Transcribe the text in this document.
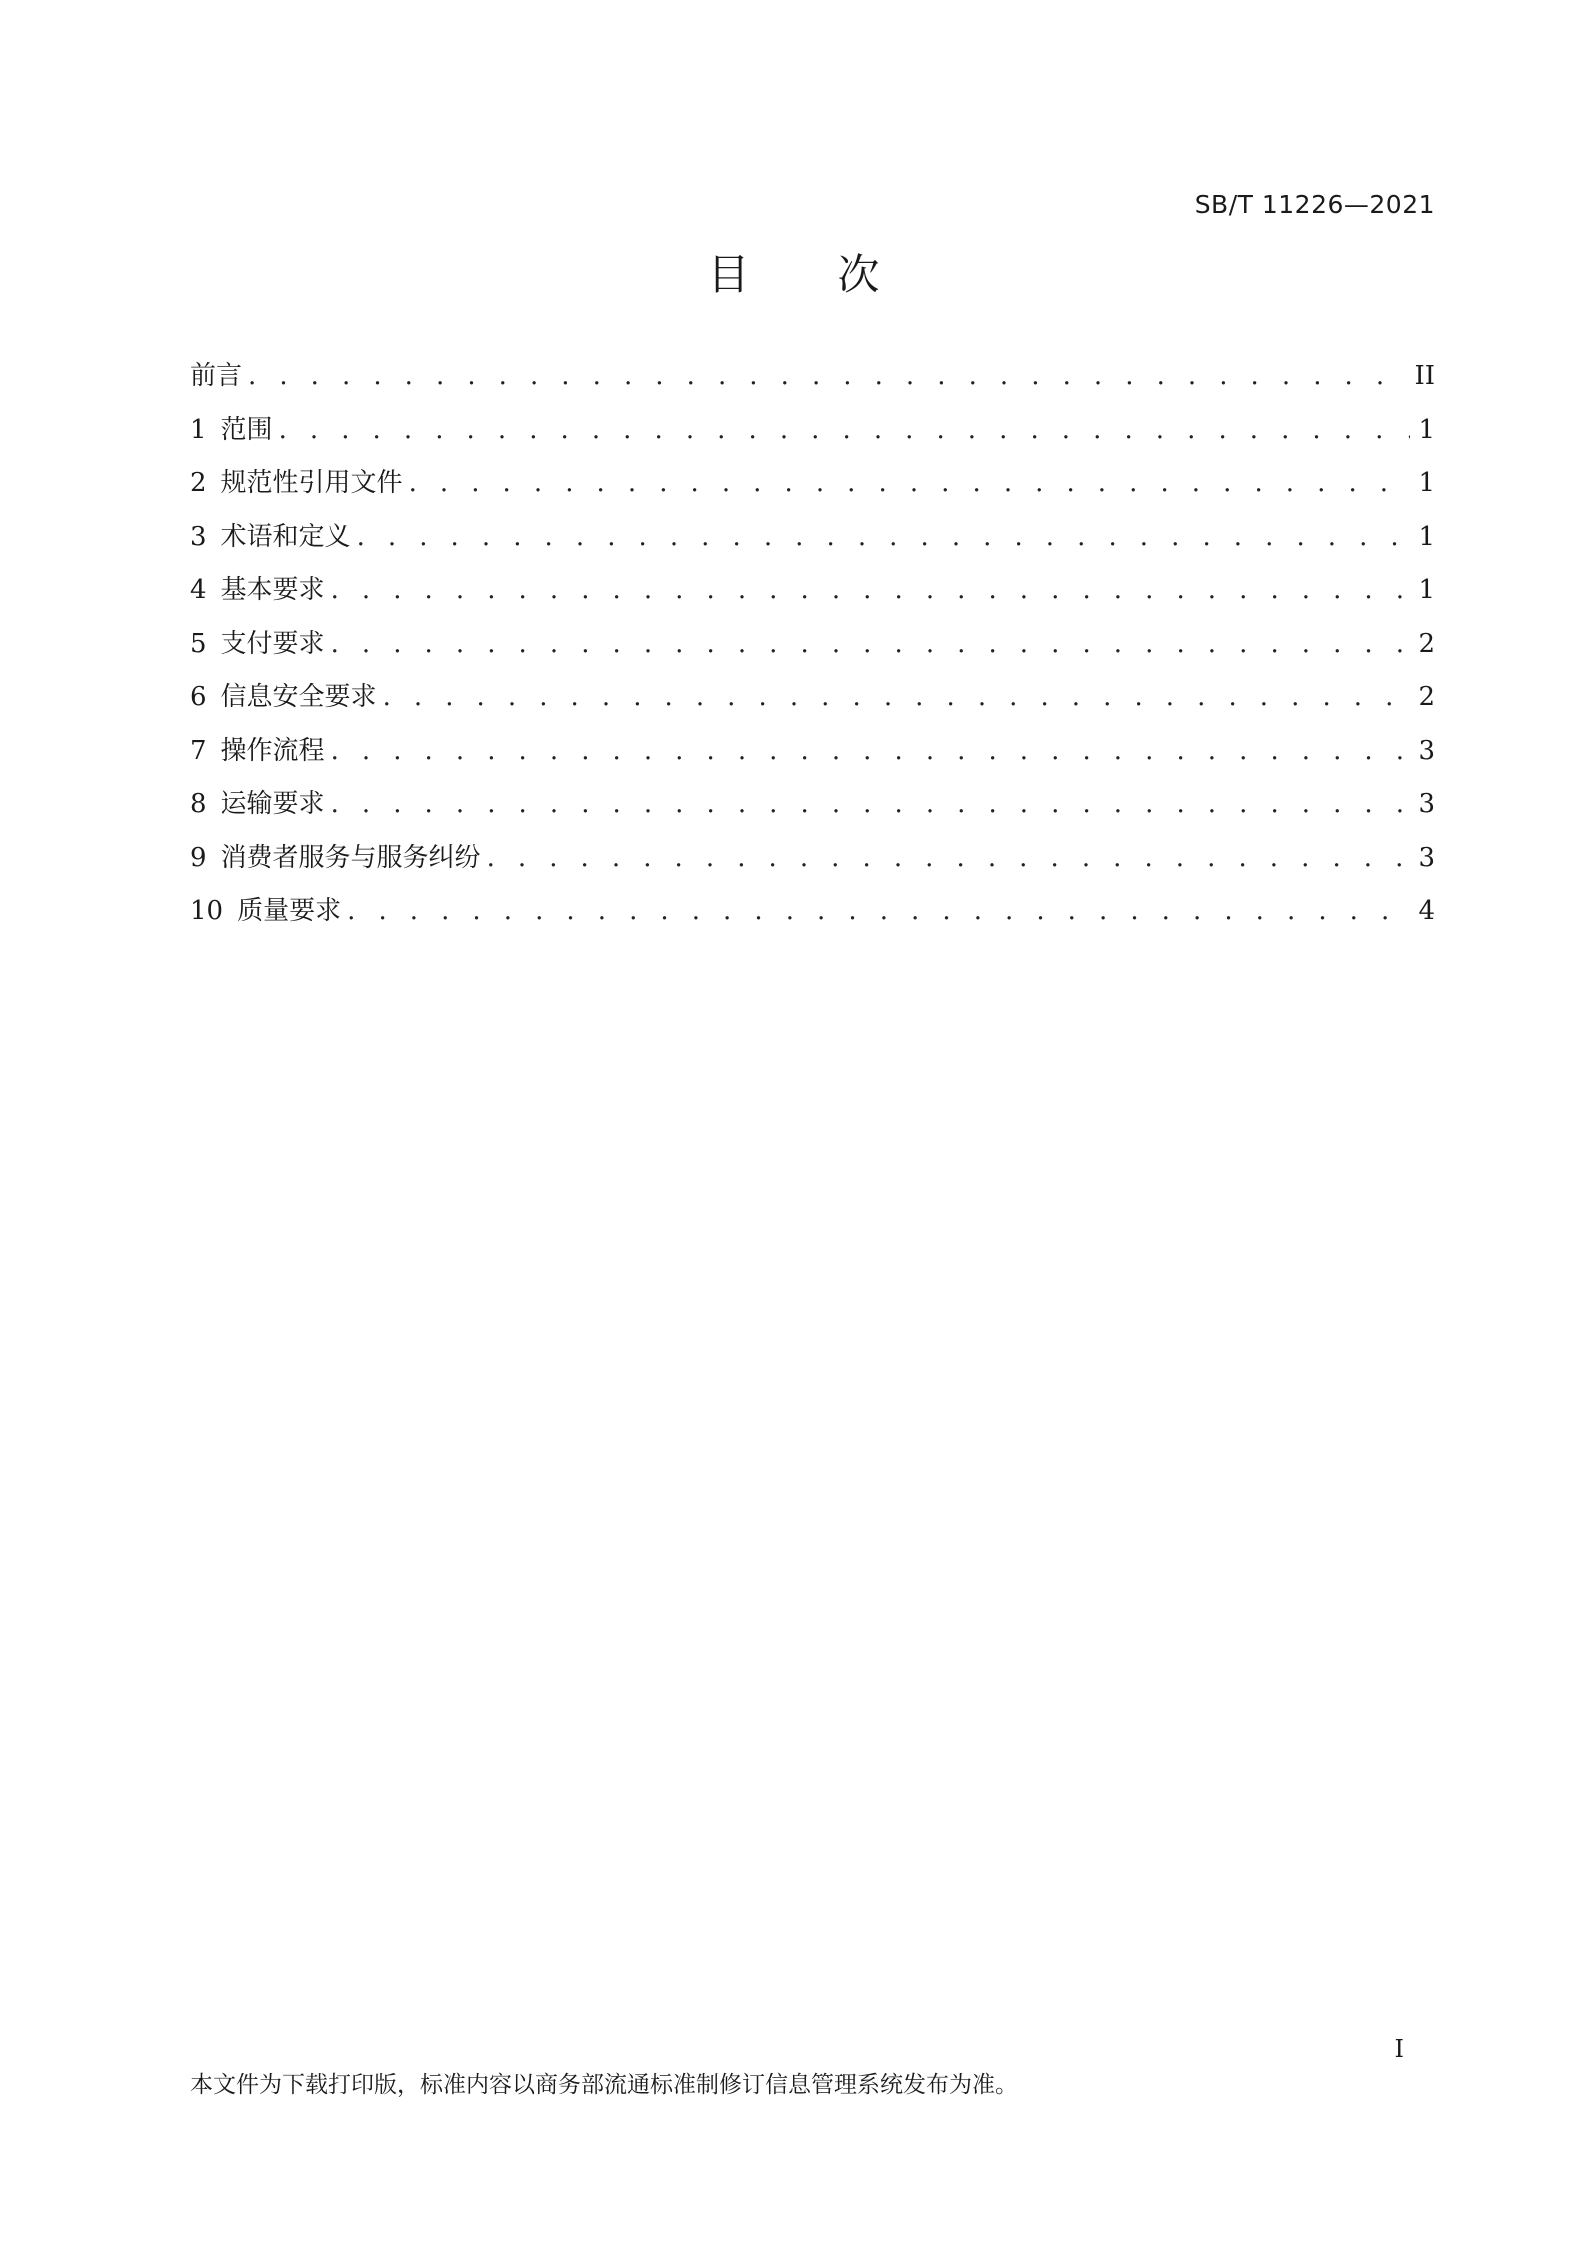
SB/T 11226—2021
目次
前言 . . .	II
1 范围 . . .	1
2 规范性引用文件 . . .	1
3 术语和定义 . . .	1
4 基本要求 . . .	1
5 支付要求 . . .	2
6 信息安全要求 . . .	2
7 操作流程 . . .	3
8 运输要求 . . .	3
9 消费者服务与服务纠纷 . . .	3
10 质量要求 . . .	4
I
本文件为下载打印版，标准内容以商务部流通标准制修订信息管理系统发布为准。
